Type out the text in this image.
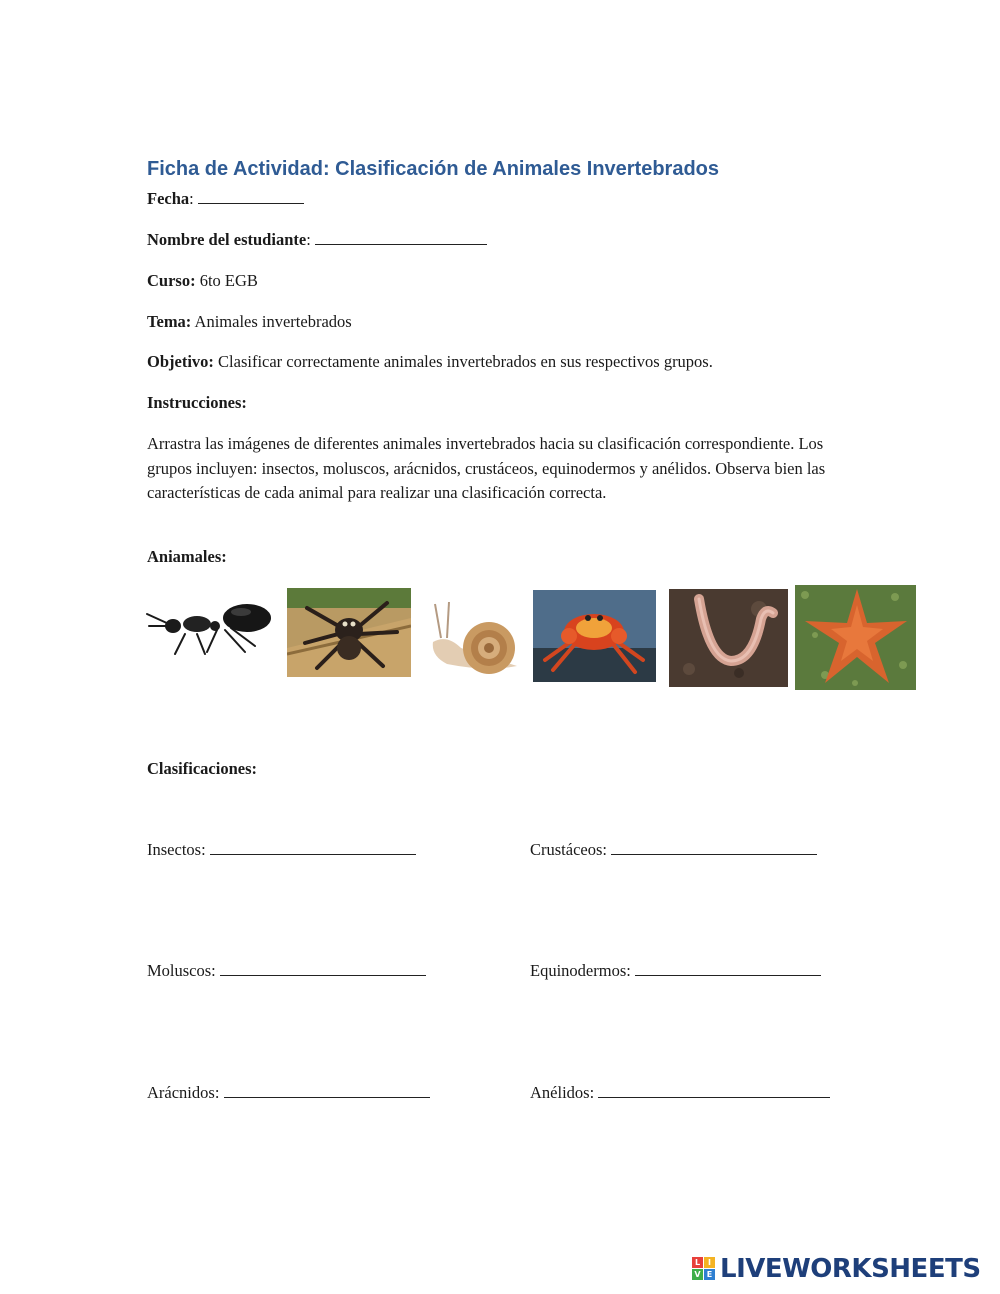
Ficha de Actividad: Clasificación de Animales Invertebrados
Fecha:
Nombre del estudiante:
Curso: 6to EGB
Tema: Animales invertebrados
Objetivo: Clasificar correctamente animales invertebrados en sus respectivos grupos.
Instrucciones:
Arrastra las imágenes de diferentes animales invertebrados hacia su clasificación correspondiente. Los grupos incluyen: insectos, moluscos, arácnidos, crustáceos, equinodermos y anélidos. Observa bien las características de cada animal para realizar una clasificación correcta.
Aniamales:
Clasificaciones:
Insectos:	Crustáceos:
Moluscos:	Equinodermos:
Arácnidos:	Anélidos:
L I
V E LIVEWORKSHEETS
